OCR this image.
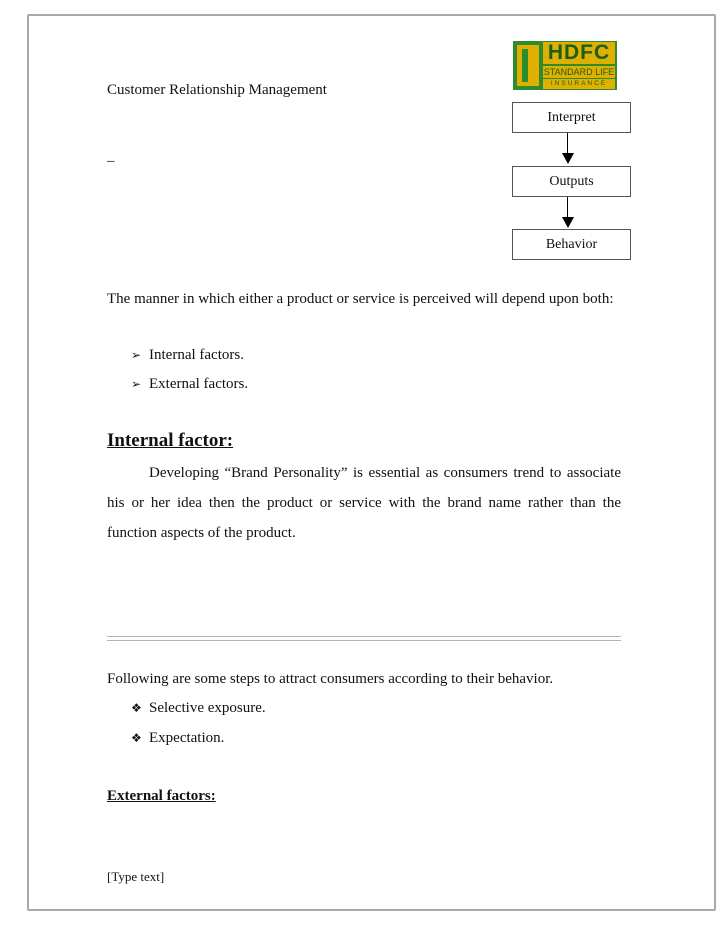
Customer Relationship Management
_
HDFC
STANDARD LIFE
INSURANCE
Interpret
Outputs
Behavior
The manner in which either a product or service is perceived will depend upon both:
➢ Internal factors.
➢ External factors.
Internal factor:
Developing “Brand Personality” is essential as consumers trend to associate his or her idea then the product or service with the brand name rather than the function aspects of the product.
Following are some steps to attract consumers according to their behavior.
❖ Selective exposure.
❖ Expectation.
External factors:
[Type text]
